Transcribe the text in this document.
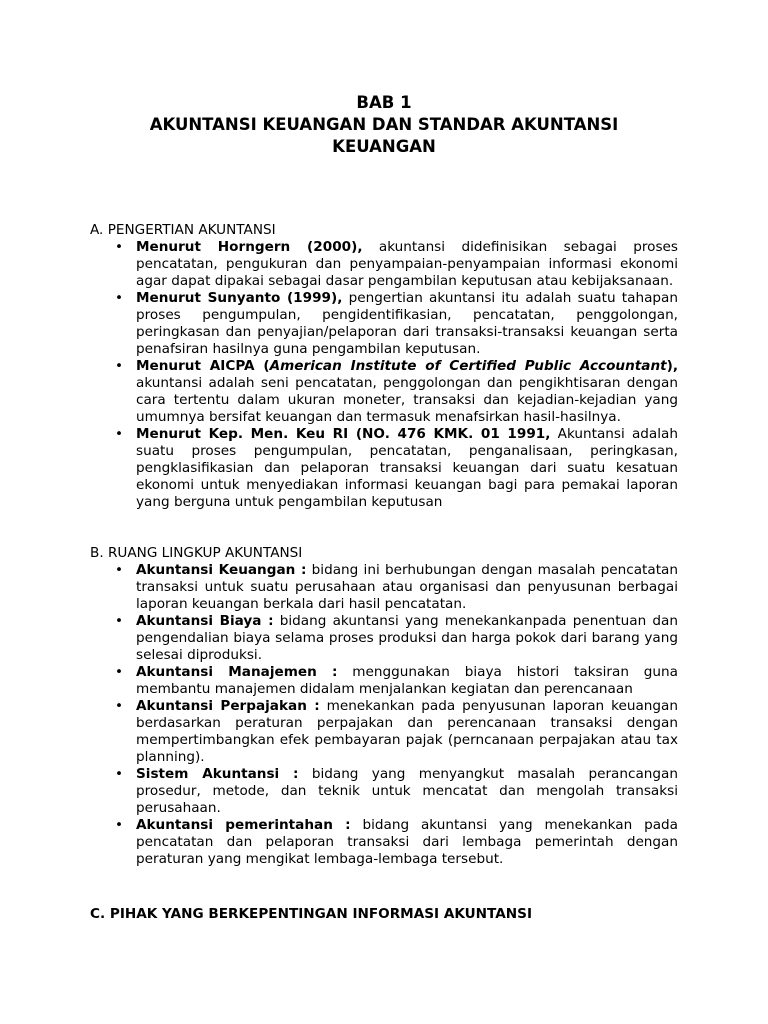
BAB 1
AKUNTANSI KEUANGAN DAN STANDAR AKUNTANSI
KEUANGAN

A. PENGERTIAN AKUNTANSI

• Menurut Horngern (2000), akuntansi didefinisikan sebagai proses pencatatan, pengukuran dan penyampaian-penyampaian informasi ekonomi agar dapat dipakai sebagai dasar pengambilan keputusan atau kebijaksanaan.
• Menurut Sunyanto (1999), pengertian akuntansi itu adalah suatu tahapan proses pengumpulan, pengidentifikasian, pencatatan, penggolongan, peringkasan dan penyajian/pelaporan dari transaksi-transaksi keuangan serta penafsiran hasilnya guna pengambilan keputusan.
• Menurut AICPA (American Institute of Certified Public Accountant), akuntansi adalah seni pencatatan, penggolongan dan pengikhtisaran dengan cara tertentu dalam ukuran moneter, transaksi dan kejadian-kejadian yang umumnya bersifat keuangan dan termasuk menafsirkan hasil-hasilnya.
• Menurut Kep. Men. Keu RI (NO. 476 KMK. 01 1991, Akuntansi adalah suatu proses pengumpulan, pencatatan, penganalisaan, peringkasan, pengklasifikasian dan pelaporan transaksi keuangan dari suatu kesatuan ekonomi untuk menyediakan informasi keuangan bagi para pemakai laporan yang berguna untuk pengambilan keputusan

B. RUANG LINGKUP AKUNTANSI

• Akuntansi Keuangan : bidang ini berhubungan dengan masalah pencatatan transaksi untuk suatu perusahaan atau organisasi dan penyusunan berbagai laporan keuangan berkala dari hasil pencatatan.
• Akuntansi Biaya : bidang akuntansi yang menekankanpada penentuan dan pengendalian biaya selama proses produksi dan harga pokok dari barang yang selesai diproduksi.
• Akuntansi Manajemen : menggunakan biaya histori taksiran guna membantu manajemen didalam menjalankan kegiatan dan perencanaan
• Akuntansi Perpajakan : menekankan pada penyusunan laporan keuangan berdasarkan peraturan perpajakan dan perencanaan transaksi dengan mempertimbangkan efek pembayaran pajak (perncanaan perpajakan atau tax planning).
• Sistem Akuntansi : bidang yang menyangkut masalah perancangan prosedur, metode, dan teknik untuk mencatat dan mengolah transaksi perusahaan.
• Akuntansi pemerintahan : bidang akuntansi yang menekankan pada pencatatan dan pelaporan transaksi dari lembaga pemerintah dengan peraturan yang mengikat lembaga-lembaga tersebut.

C. PIHAK YANG BERKEPENTINGAN INFORMASI AKUNTANSI
